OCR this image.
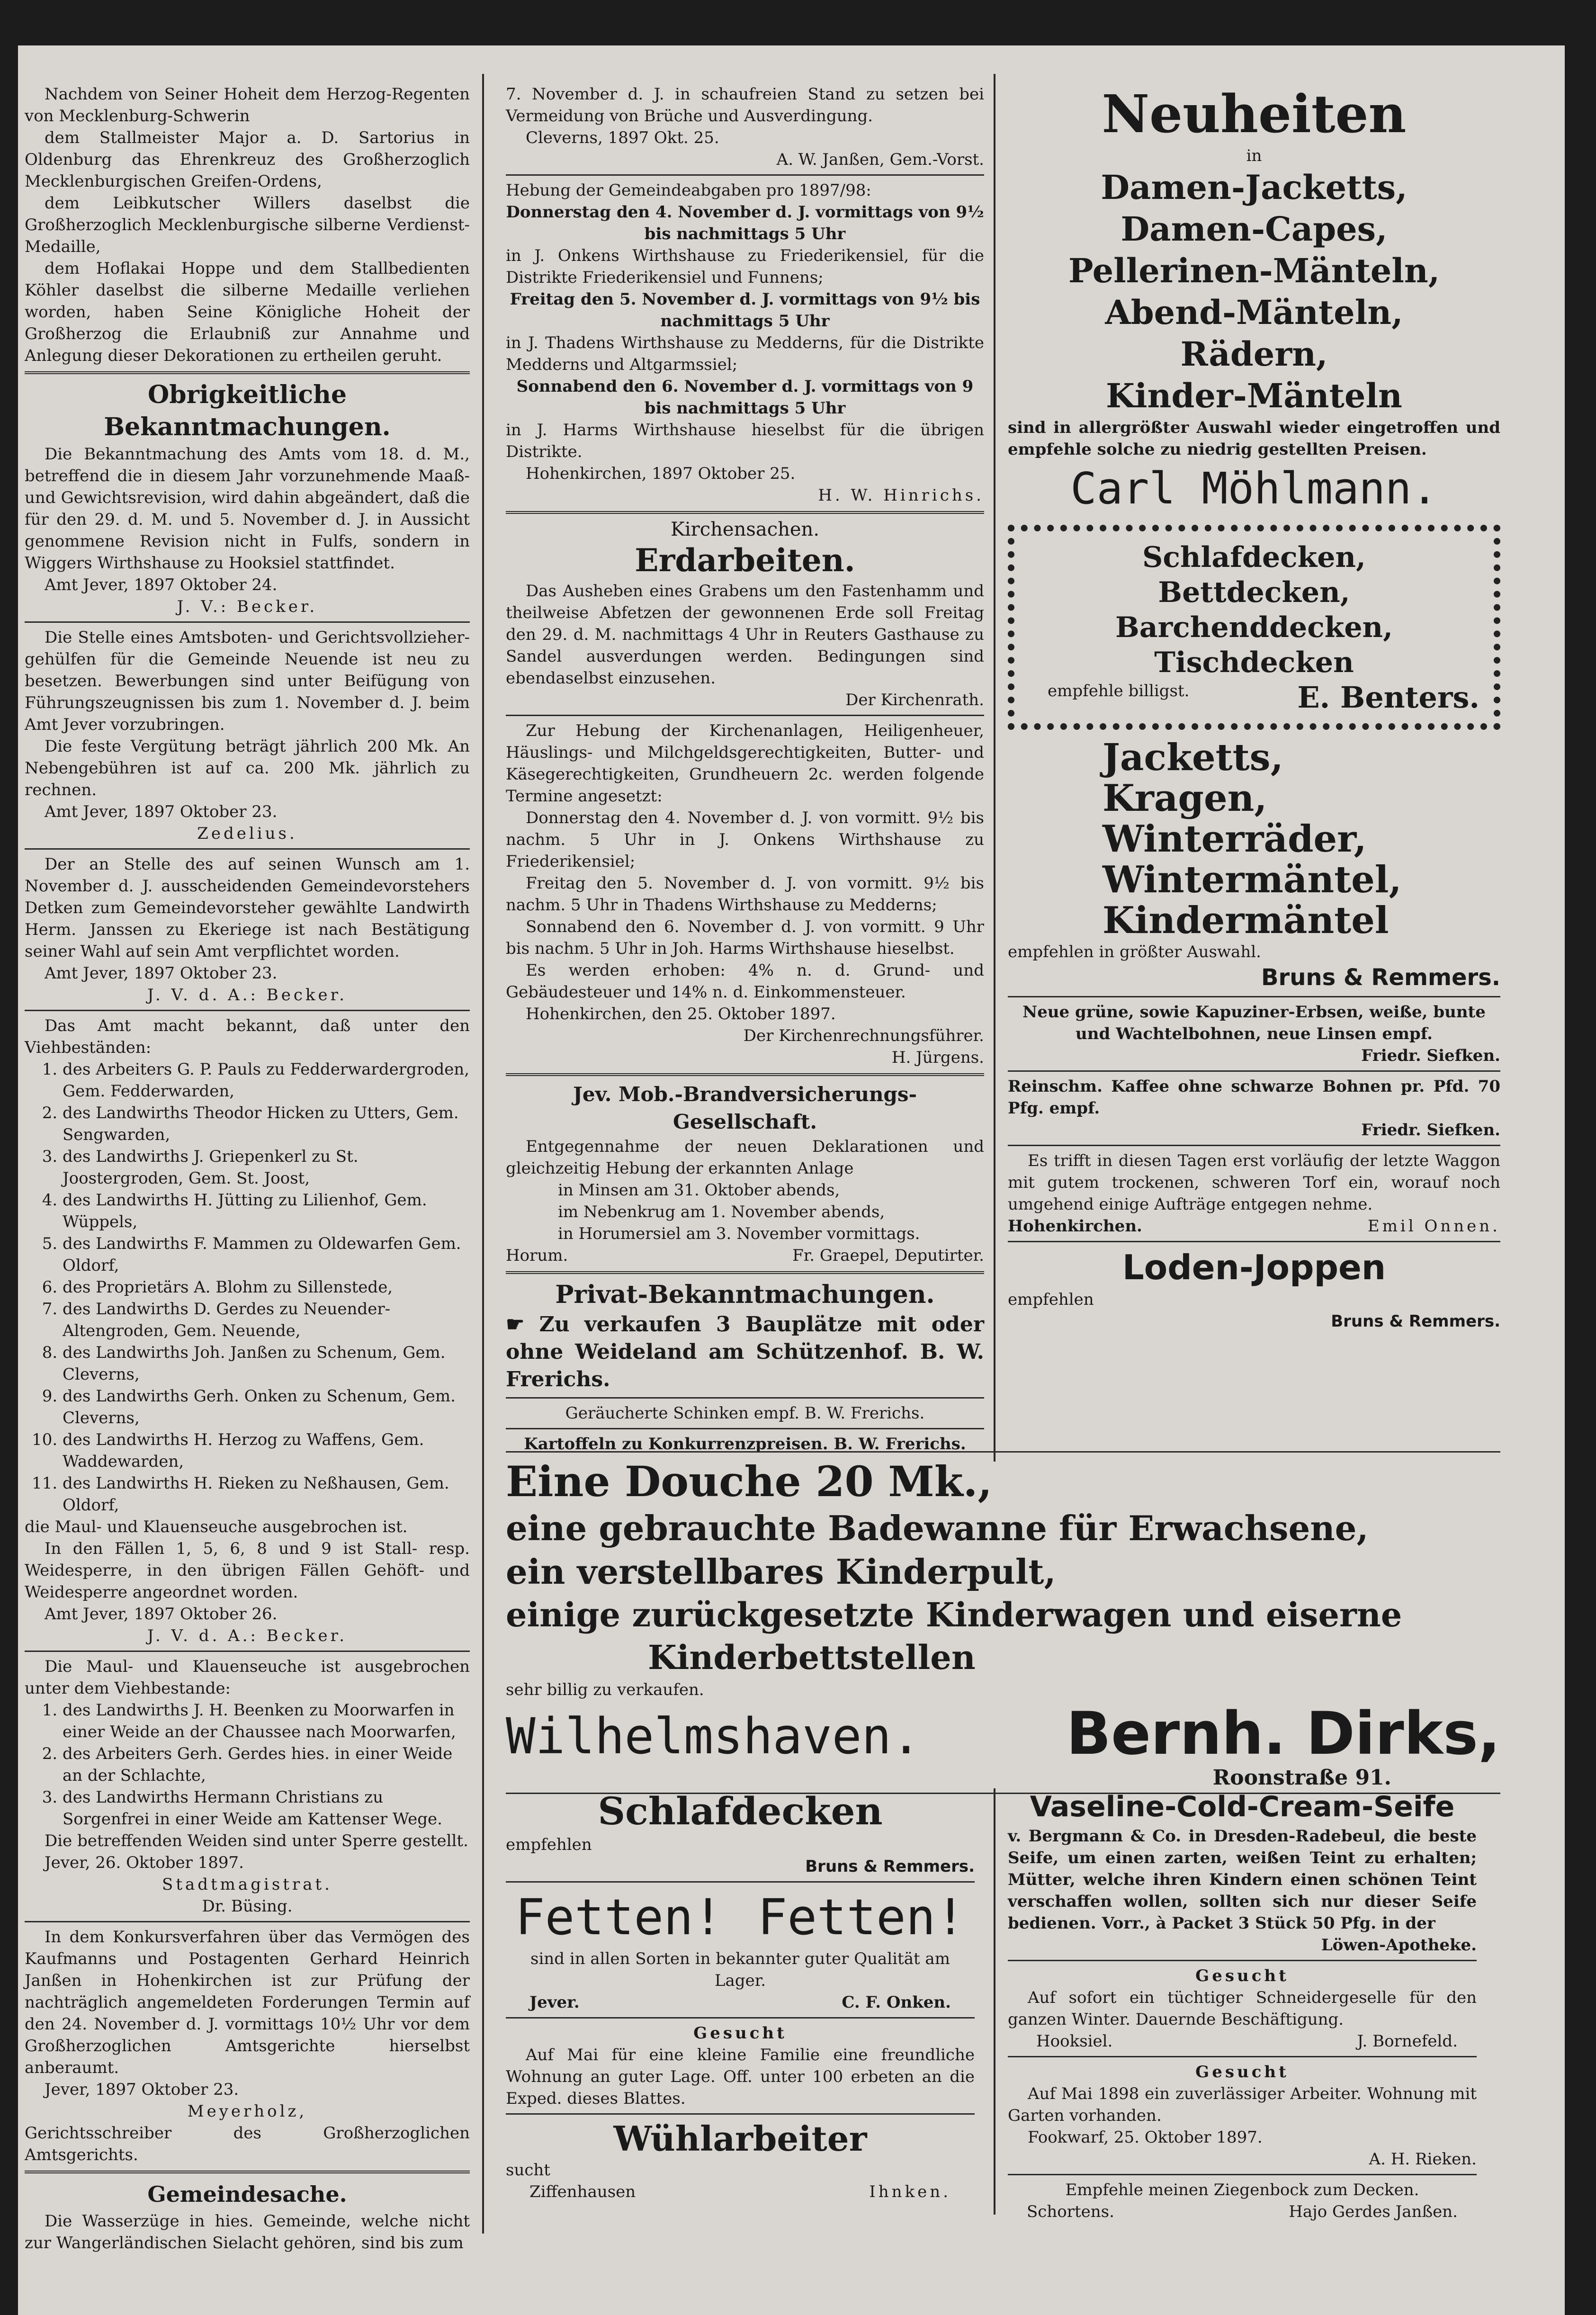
Nachdem von Seiner Hoheit dem Herzog-Regenten von Mecklenburg-Schwerin

dem Stallmeister Major a. D. Sartorius in Oldenburg das Ehrenkreuz des Großherzoglich Mecklenburgischen Greifen-Ordens,

dem Leibkutscher Willers daselbst die Großherzoglich Mecklenburgische silberne Verdienst-Medaille,

dem Hoflakai Hoppe und dem Stallbedienten Köhler daselbst die silberne Medaille verliehen worden, haben Seine Königliche Hoheit der Großherzog die Erlaubniß zur Annahme und Anlegung dieser Dekorationen zu ertheilen geruht.

Obrigkeitliche Bekanntmachungen.

Die Bekanntmachung des Amts vom 18. d. M., betreffend die in diesem Jahr vorzunehmende Maaß- und Gewichtsrevision, wird dahin abgeändert, daß die für den 29. d. M. und 5. November d. J. in Aussicht genommene Revision nicht in Fulfs, sondern in Wiggers Wirthshause zu Hooksiel stattfindet.

Amt Jever, 1897 Oktober 24.

J. V.: Becker.

Die Stelle eines Amtsboten- und Gerichtsvollzieher-gehülfen für die Gemeinde Neuende ist neu zu besetzen. Bewerbungen sind unter Beifügung von Führungszeugnissen bis zum 1. November d. J. beim Amt Jever vorzubringen.

Die feste Vergütung beträgt jährlich 200 Mk. An Nebengebühren ist auf ca. 200 Mk. jährlich zu rechnen.

Amt Jever, 1897 Oktober 23.

Zedelius.

Der an Stelle des auf seinen Wunsch am 1. November d. J. ausscheidenden Gemeindevorstehers Detken zum Gemeindevorsteher gewählte Landwirth Herm. Janssen zu Ekeriege ist nach Bestätigung seiner Wahl auf sein Amt verpflichtet worden.

Amt Jever, 1897 Oktober 23.

J. V. d. A.: Becker.

Das Amt macht bekannt, daß unter den Viehbeständen:

1. des Arbeiters G. P. Pauls zu Fedderwardergroden, Gem. Fedderwarden,
2. des Landwirths Theodor Hicken zu Utters, Gem. Sengwarden,
3. des Landwirths J. Griepenkerl zu St. Joostergroden, Gem. St. Joost,
4. des Landwirths H. Jütting zu Lilienhof, Gem. Wüppels,
5. des Landwirths F. Mammen zu Oldewarfen Gem. Oldorf,
6. des Proprietärs A. Blohm zu Sillenstede,
7. des Landwirths D. Gerdes zu Neuender-Altengroden, Gem. Neuende,
8. des Landwirths Joh. Janßen zu Schenum, Gem. Cleverns,
9. des Landwirths Gerh. Onken zu Schenum, Gem. Cleverns,
10. des Landwirths H. Herzog zu Waffens, Gem. Waddewarden,
11. des Landwirths H. Rieken zu Neßhausen, Gem. Oldorf,

die Maul- und Klauenseuche ausgebrochen ist.

In den Fällen 1, 5, 6, 8 und 9 ist Stall- resp. Weidesperre, in den übrigen Fällen Gehöft- und Weidesperre angeordnet worden.

Amt Jever, 1897 Oktober 26.

J. V. d. A.: Becker.

Die Maul- und Klauenseuche ist ausgebrochen unter dem Viehbestande:

1. des Landwirths J. H. Beenken zu Moorwarfen in einer Weide an der Chaussee nach Moorwarfen,
2. des Arbeiters Gerh. Gerdes hies. in einer Weide an der Schlachte,
3. des Landwirths Hermann Christians zu Sorgenfrei in einer Weide am Kattenser Wege.

Die betreffenden Weiden sind unter Sperre gestellt.

Jever, 26. Oktober 1897.

Stadtmagistrat.

Dr. Büsing.

In dem Konkursverfahren über das Vermögen des Kaufmanns und Postagenten Gerhard Heinrich Janßen in Hohenkirchen ist zur Prüfung der nachträglich angemeldeten Forderungen Termin auf den 24. November d. J. vormittags 10½ Uhr vor dem Großherzoglichen Amtsgerichte hierselbst anberaumt.

Jever, 1897 Oktober 23.

Meyerholz,

Gerichtsschreiber des Großherzoglichen Amtsgerichts.

Gemeindesache.

Die Wasserzüge in hies. Gemeinde, welche nicht zur Wangerländischen Sielacht gehören, sind bis zum

7. November d. J. in schaufreien Stand zu setzen bei Vermeidung von Brüche und Ausverdingung.

Cleverns, 1897 Okt. 25.

A. W. Janßen, Gem.-Vorst.

Hebung der Gemeindeabgaben pro 1897/98:

Donnerstag den 4. November d. J. vormittags von 9½ bis nachmittags 5 Uhr

in J. Onkens Wirthshause zu Friederikensiel, für die Distrikte Friederikensiel und Funnens;

Freitag den 5. November d. J. vormittags von 9½ bis nachmittags 5 Uhr

in J. Thadens Wirthshause zu Medderns, für die Distrikte Medderns und Altgarmssiel;

Sonnabend den 6. November d. J. vormittags von 9 bis nachmittags 5 Uhr

in J. Harms Wirthshause hieselbst für die übrigen Distrikte.

Hohenkirchen, 1897 Oktober 25.

H. W. Hinrichs.

Kirchensachen.

Erdarbeiten.

Das Ausheben eines Grabens um den Fastenhamm und theilweise Abfetzen der gewonnenen Erde soll Freitag den 29. d. M. nachmittags 4 Uhr in Reuters Gasthause zu Sandel ausverdungen werden. Bedingungen sind ebendaselbst einzusehen.

Der Kirchenrath.

Zur Hebung der Kirchenanlagen, Heiligenheuer, Häuslings- und Milchgeldsgerechtigkeiten, Butter- und Käsegerechtigkeiten, Grundheuern 2c. werden folgende Termine angesetzt:

Donnerstag den 4. November d. J. von vormitt. 9½ bis nachm. 5 Uhr in J. Onkens Wirthshause zu Friederikensiel;

Freitag den 5. November d. J. von vormitt. 9½ bis nachm. 5 Uhr in Thadens Wirthshause zu Medderns;

Sonnabend den 6. November d. J. von vormitt. 9 Uhr bis nachm. 5 Uhr in Joh. Harms Wirthshause hieselbst.

Es werden erhoben: 4% n. d. Grund- und Gebäudesteuer und 14% n. d. Einkommensteuer.

Hohenkirchen, den 25. Oktober 1897.

Der Kirchenrechnungsführer.

H. Jürgens.

Jev. Mob.-Brandversicherungs-Gesellschaft.

Entgegennahme der neuen Deklarationen und gleichzeitig Hebung der erkannten Anlage

in Minsen am 31. Oktober abends,

im Nebenkrug am 1. November abends,

in Horumersiel am 3. November vormittags.

Horum.	Fr. Graepel, Deputirter.

Privat-Bekanntmachungen.

☛ Zu verkaufen 3 Bauplätze mit oder ohne Weideland am Schützenhof. B. W. Frerichs.

Geräucherte Schinken empf. B. W. Frerichs.

Kartoffeln zu Konkurrenzpreisen. B. W. Frerichs.

Neuheiten

in

Damen-Jacketts,

Damen-Capes,

Pellerinen-Mänteln,

Abend-Mänteln,

Rädern,

Kinder-Mänteln

sind in allergrößter Auswahl wieder eingetroffen und empfehle solche zu niedrig gestellten Preisen.

Carl Möhlmann.

Schlafdecken,

Bettdecken,

Barchenddecken,

Tischdecken

empfehle billigst.	E. Benters.

Jacketts,

Kragen,

Winterräder,

Wintermäntel,

Kindermäntel

empfehlen in größter Auswahl.

Bruns & Remmers.

Neue grüne, sowie Kapuziner-Erbsen, weiße, bunte und Wachtelbohnen, neue Linsen empf.

Friedr. Siefken.

Reinschm. Kaffee ohne schwarze Bohnen pr. Pfd. 70 Pfg. empf.

Friedr. Siefken.

Es trifft in diesen Tagen erst vorläufig der letzte Waggon mit gutem trockenen, schweren Torf ein, worauf noch umgehend einige Aufträge entgegen nehme.

Hohenkirchen.	Emil Onnen.

Loden-Joppen

empfehlen

Bruns & Remmers.

Eine Douche 20 Mk.,

eine gebrauchte Badewanne für Erwachsene,

ein verstellbares Kinderpult,

einige zurückgesetzte Kinderwagen und eiserne

Kinderbettstellen

sehr billig zu verkaufen.

Wilhelmshaven. Bernh. Dirks,

Roonstraße 91.

Schlafdecken

empfehlen

Bruns & Remmers.

Fetten! Fetten!

sind in allen Sorten in bekannter guter Qualität am Lager.

Jever.	C. F. Onken.

Gesucht

Auf Mai für eine kleine Familie eine freundliche Wohnung an guter Lage. Off. unter 100 erbeten an die Exped. dieses Blattes.

Wühlarbeiter

sucht

Ziffenhausen	Ihnken.

Vaseline-Cold-Cream-Seife

v. Bergmann & Co. in Dresden-Radebeul, die beste Seife, um einen zarten, weißen Teint zu erhalten; Mütter, welche ihren Kindern einen schönen Teint verschaffen wollen, sollten sich nur dieser Seife bedienen. Vorr., à Packet 3 Stück 50 Pfg. in der

Löwen-Apotheke.

Gesucht

Auf sofort ein tüchtiger Schneidergeselle für den ganzen Winter. Dauernde Beschäftigung.

Hooksiel.	J. Bornefeld.

Gesucht

Auf Mai 1898 ein zuverlässiger Arbeiter. Wohnung mit Garten vorhanden.

Fookwarf, 25. Oktober 1897.

A. H. Rieken.

Empfehle meinen Ziegenbock zum Decken.

Schortens.	Hajo Gerdes Janßen.
